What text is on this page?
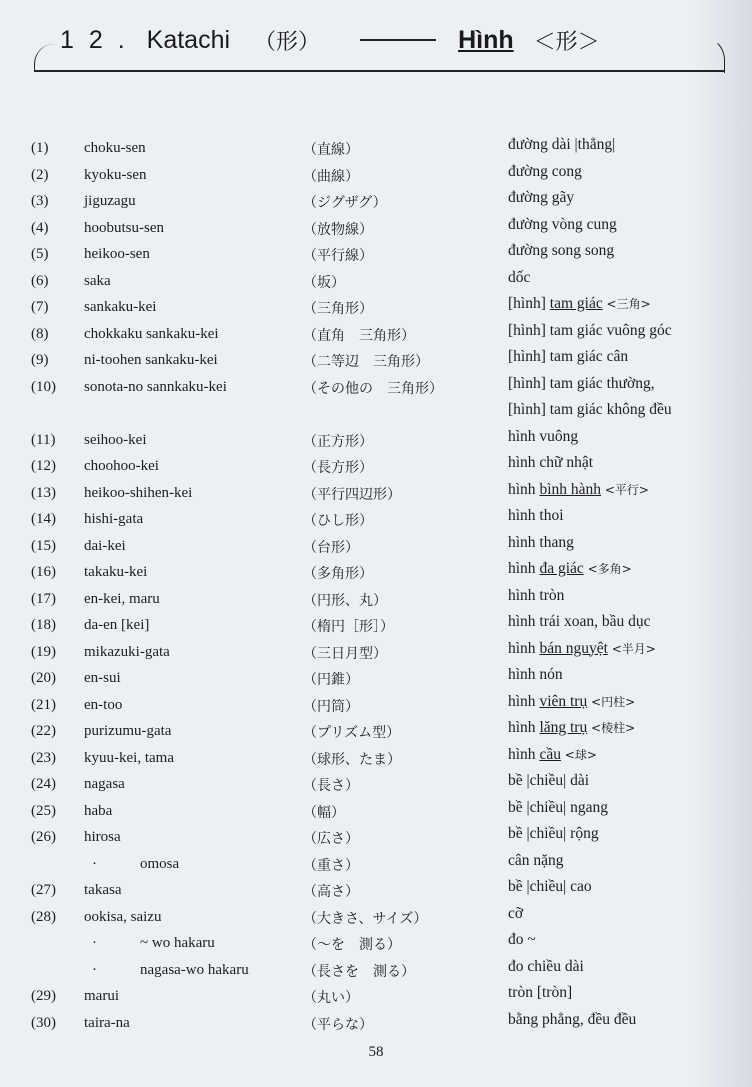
1 2 . Katachi （形）	Hình ＜形＞
(1)	choku-sen	（直線）	đường dài |thẳng|
(2)	kyoku-sen	（曲線）	đường cong
(3)	jiguzagu	（ジグザグ）	đường gãy
(4)	hoobutsu-sen	（放物線）	đường vòng cung
(5)	heikoo-sen	（平行線）	đường song song
(6)	saka	（坂）	dốc
(7)	sankaku-kei	（三角形）	[hình] tam giác <三角>
(8)	chokkaku sankaku-kei	（直角　三角形）	[hình] tam giác vuông góc
(9)	ni-toohen sankaku-kei	（二等辺　三角形）	[hình] tam giác cân
(10)	sonota-no sannkaku-kei	（その他の　三角形）	[hình] tam giác thường,
[hình] tam giác không đều
(11)	seihoo-kei	（正方形）	hình vuông
(12)	choohoo-kei	（長方形）	hình chữ nhật
(13)	heikoo-shihen-kei	（平行四辺形）	hình bình hành <平行>
(14)	hishi-gata	（ひし形）	hình thoi
(15)	dai-kei	（台形）	hình thang
(16)	takaku-kei	（多角形）	hình đa giác <多角>
(17)	en-kei, maru	（円形、丸）	hình tròn
(18)	da-en [kei]	（楕円［形］）	hình trái xoan, bầu dục
(19)	mikazuki-gata	（三日月型）	hình bán nguyệt <半月>
(20)	en-sui	（円錐）	hình nón
(21)	en-too	（円筒）	hình viên trụ <円柱>
(22)	purizumu-gata	（プリズム型）	hình lăng trụ <棱柱>
(23)	kyuu-kei, tama	（球形、たま）	hình cầu <球>
(24)	nagasa	（長さ）	bề |chiều| dài
(25)	haba	（幅）	bề |chiều| ngang
(26)	hirosa	（広さ）	bề |chiều| rộng
·	omosa	（重さ）	cân nặng
(27)	takasa	（高さ）	bề |chiều| cao
(28)	ookisa, saizu	（大きさ、サイズ）	cỡ
·	~ wo hakaru	（～を　測る）	đo ~
·	nagasa-wo hakaru	（長さを　測る）	đo chiều dài
(29)	marui	（丸い）	tròn [tròn]
(30)	taira-na	（平らな）	bằng phẳng, đều đều
58
